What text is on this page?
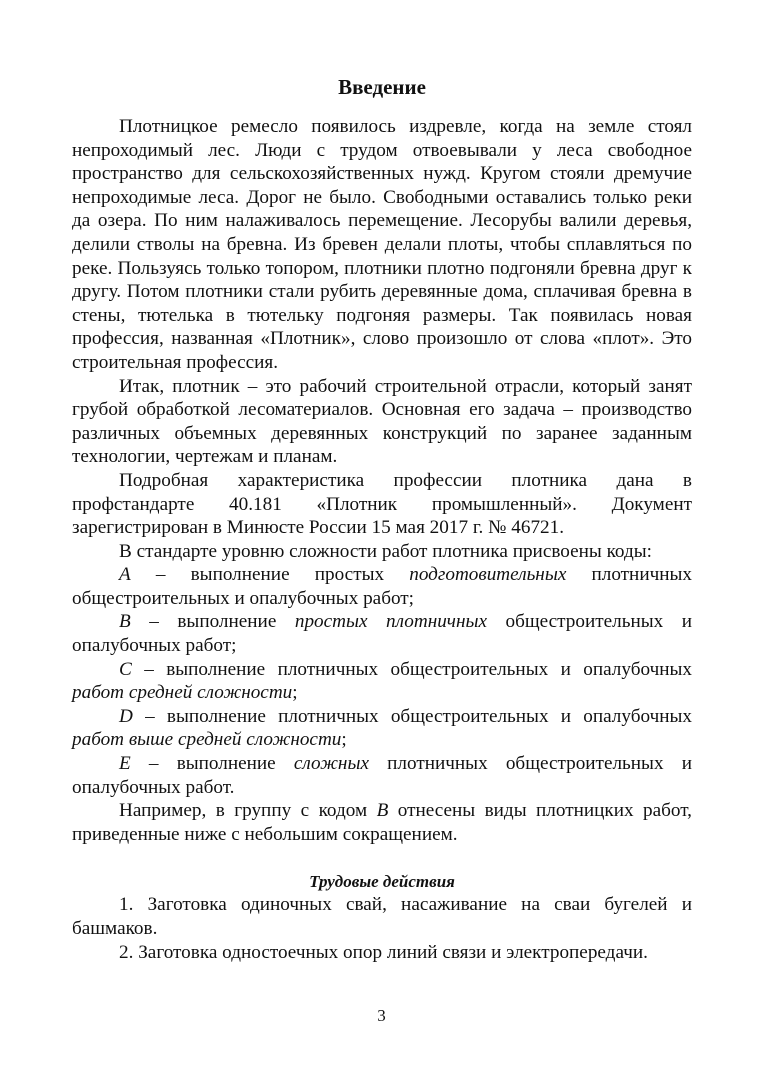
Введение

Плотницкое ремесло появилось издревле, когда на земле стоял непроходимый лес. Люди с трудом отвоевывали у леса свободное пространство для сельскохозяйственных нужд. Кругом стояли дремучие непроходимые леса. Дорог не было. Свободными оставались только реки да озера. По ним налаживалось перемещение. Лесорубы валили деревья, делили стволы на бревна. Из бревен делали плоты, чтобы сплавляться по реке. Пользуясь только топором, плотники плотно подгоняли бревна друг к другу. Потом плотники стали рубить деревянные дома, сплачивая бревна в стены, тютелька в тютельку подгоняя размеры. Так появилась новая профессия, названная «Плотник», слово произошло от слова «плот». Это строительная профессия.

Итак, плотник – это рабочий строительной отрасли, который занят грубой обработкой лесоматериалов. Основная его задача – производство различных объемных деревянных конструкций по заранее заданным технологии, чертежам и планам.

Подробная характеристика профессии плотника дана в профстандарте 40.181 «Плотник промышленный». Документ зарегистрирован в Минюсте России 15 мая 2017 г. № 46721.

В стандарте уровню сложности работ плотника присвоены коды:

A – выполнение простых подготовительных плотничных общестроительных и опалубочных работ;

B – выполнение простых плотничных общестроительных и опалубочных работ;

C – выполнение плотничных общестроительных и опалубочных работ средней сложности;

D – выполнение плотничных общестроительных и опалубочных работ выше средней сложности;

E – выполнение сложных плотничных общестроительных и опалубочных работ.

Например, в группу с кодом B отнесены виды плотницких работ, приведенные ниже с небольшим сокращением.

Трудовые действия

1. Заготовка одиночных свай, насаживание на сваи бугелей и башмаков.

2. Заготовка одностоечных опор линий связи и электропередачи.

3
